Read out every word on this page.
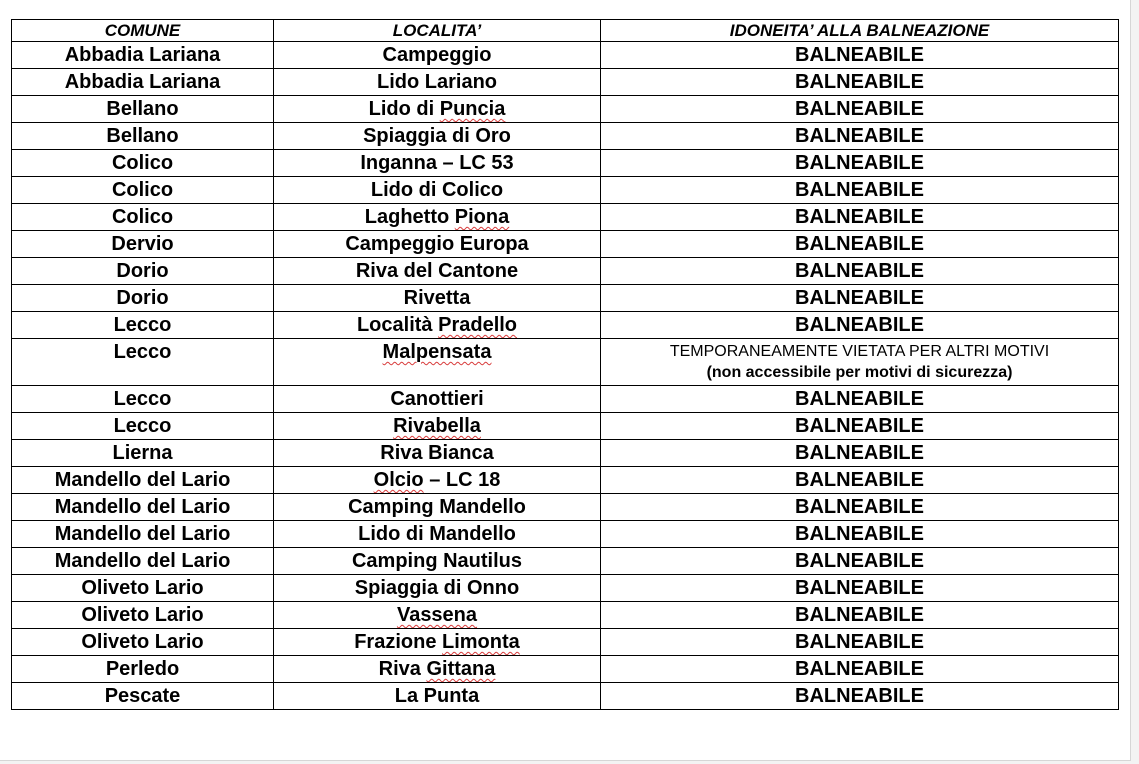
COMUNE	LOCALITA’	IDONEITA’ ALLA BALNEAZIONE
Abbadia Lariana	Campeggio	BALNEABILE
Abbadia Lariana	Lido Lariano	BALNEABILE
Bellano	Lido di Puncia	BALNEABILE
Bellano	Spiaggia di Oro	BALNEABILE
Colico	Inganna – LC 53	BALNEABILE
Colico	Lido di Colico	BALNEABILE
Colico	Laghetto Piona	BALNEABILE
Dervio	Campeggio Europa	BALNEABILE
Dorio	Riva del Cantone	BALNEABILE
Dorio	Rivetta	BALNEABILE
Lecco	Località Pradello	BALNEABILE
Lecco	Malpensata	TEMPORANEAMENTE VIETATA PER ALTRI MOTIVI
(non accessibile per motivi di sicurezza)

Lecco	Canottieri	BALNEABILE
Lecco	Rivabella	BALNEABILE
Lierna	Riva Bianca	BALNEABILE
Mandello del Lario	Olcio – LC 18	BALNEABILE
Mandello del Lario	Camping Mandello	BALNEABILE
Mandello del Lario	Lido di Mandello	BALNEABILE
Mandello del Lario	Camping Nautilus	BALNEABILE
Oliveto Lario	Spiaggia di Onno	BALNEABILE
Oliveto Lario	Vassena	BALNEABILE
Oliveto Lario	Frazione Limonta	BALNEABILE
Perledo	Riva Gittana	BALNEABILE
Pescate	La Punta	BALNEABILE
